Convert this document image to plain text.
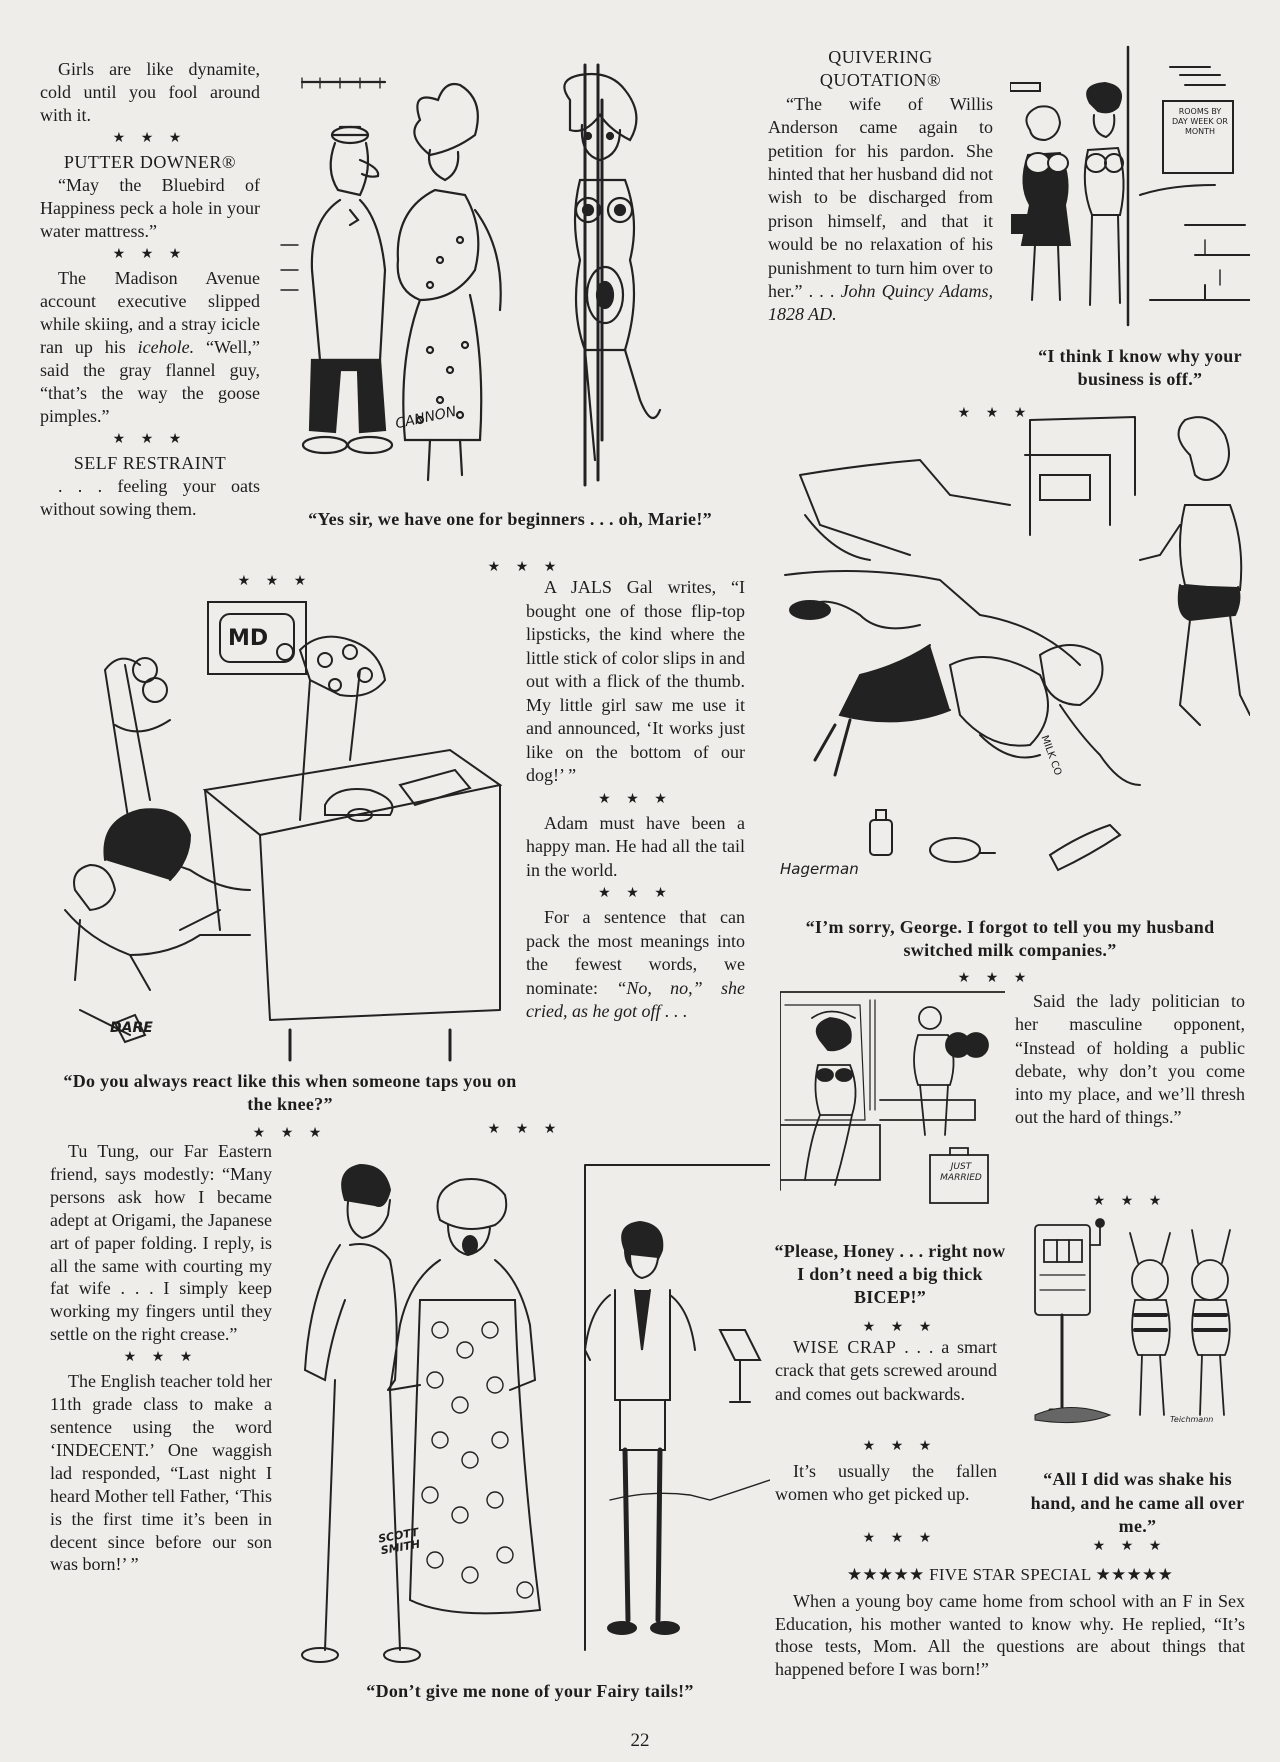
Girls are like dynamite, cold until you fool around with it.

★ ★ ★

PUTTER DOWNER®

“May the Bluebird of Happiness peck a hole in your water mattress.”

★ ★ ★

The Madison Avenue account executive slipped while skiing, and a stray icicle ran up his icehole. “Well,” said the gray flannel guy, “that’s the way the goose pimples.”

★ ★ ★

SELF RESTRAINT

. . . feeling your oats without sowing them.

CANNON
“Yes sir, we have one for beginners . . . oh, Marie!”

QUIVERING QUOTATION®

“The wife of Willis Anderson came again to petition for his pardon. She hinted that her husband did not wish to be discharged from prison himself, and that it would be no relaxation of his punishment to turn him over to her.” . . . John Quincy Adams, 1828 AD.

ROOMS BY DAY WEEK OR MONTH
“I think I know why your business is off.”
★ ★ ★
DAIRY
MILK CO
Hagerman
“I’m sorry, George. I forgot to tell you my husband switched milk companies.”
★ ★ ★
MD
DARE
★ ★ ★
“Do you always react like this when someone taps you on the knee?”
★ ★ ★
★ ★ ★

A JALS Gal writes, “I bought one of those flip-top lipsticks, the kind where the little stick of color slips in and out with a flick of the thumb. My little girl saw me use it and announced, ‘It works just like on the bottom of our dog!’ ”

★ ★ ★

Adam must have been a happy man. He had all the tail in the world.

★ ★ ★

For a sentence that can pack the most meanings into the fewest words, we nominate: “No, no,” she cried, as he got off . . .

★ ★ ★
JUST MARRIED
“Please, Honey . . . right now I don’t need a big thick BICEP!”

Said the lady politician to her masculine opponent, “Instead of holding a public debate, why don’t you come into my place, and we’ll thresh out the hard of things.”

★ ★ ★
Teichmann
“All I did was shake his hand, and he came all over me.”
★ ★ ★
★ ★ ★

WISE CRAP . . . a smart crack that gets screwed around and comes out backwards.

★ ★ ★

It’s usually the fallen women who get picked up.

★ ★ ★

Tu Tung, our Far Eastern friend, says modestly: “Many persons ask how I became adept at Origami, the Japanese art of paper folding. I reply, is all the same with courting my fat wife . . . I simply keep working my fingers until they settle on the right crease.”

★ ★ ★

The English teacher told her 11th grade class to make a sentence using the word ‘INDECENT.’ One waggish lad responded, “Last night I heard Mother tell Father, ‘This is the first time it’s been in decent since before our son was born!’ ”

SCOTT SMITH
“Don’t give me none of your Fairy tails!”

★★★★★ FIVE STAR SPECIAL ★★★★★

When a young boy came home from school with an F in Sex Education, his mother wanted to know why. He replied, “It’s those tests, Mom. All the questions are about things that happened before I was born!”

22
